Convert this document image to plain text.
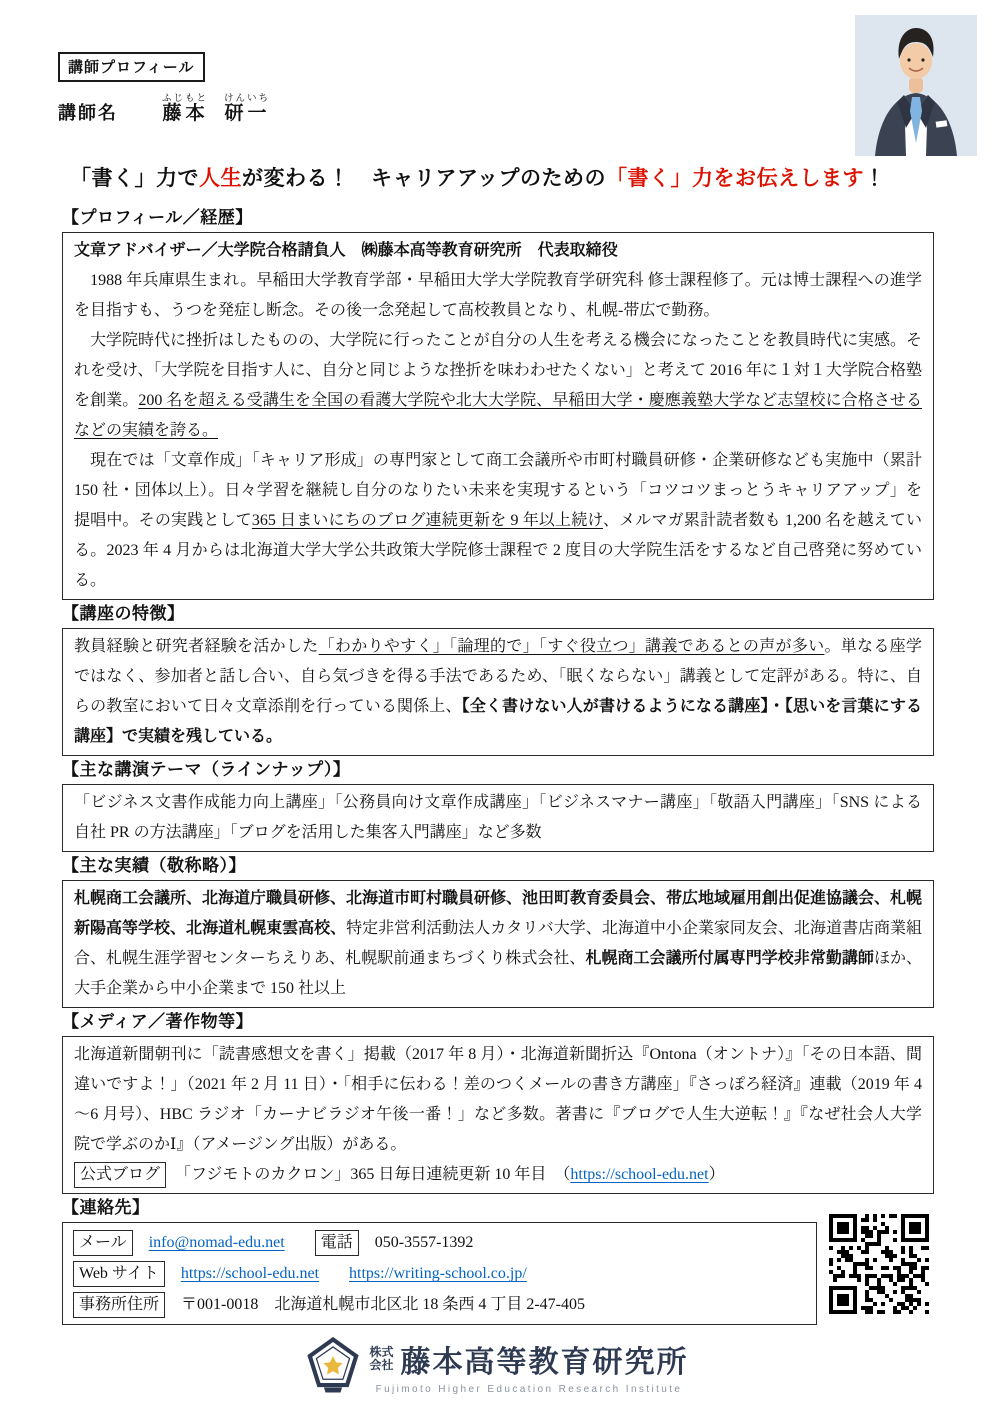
講師プロフィール
講師名 藤本ふじもと研一けんいち
「書く」力で人生が変わる！　キャリアアップのための「書く」力をお伝えします！
【プロフィール／経歴】

文章アドバイザー／大学院合格請負人　㈱藤本高等教育研究所　代表取締役

　1988 年兵庫県生まれ。早稲田大学教育学部・早稲田大学大学院教育学研究科 修士課程修了。元は博士課程への進学を目指すも、うつを発症し断念。その後一念発起して高校教員となり、札幌-帯広で勤務。

　大学院時代に挫折はしたものの、大学院に行ったことが自分の人生を考える機会になったことを教員時代に実感。それを受け、「大学院を目指す人に、自分と同じような挫折を味わわせたくない」と考えて 2016 年に１対１大学院合格塾を創業。200 名を超える受講生を全国の看護大学院や北大大学院、早稲田大学・慶應義塾大学など志望校に合格させるなどの実績を誇る。

　現在では「文章作成」「キャリア形成」の専門家として商工会議所や市町村職員研修・企業研修なども実施中（累計 150 社・団体以上）。日々学習を継続し自分のなりたい未来を実現するという「コツコツまっとうキャリアアップ」を提唱中。その実践として365 日まいにちのブログ連続更新を 9 年以上続け、メルマガ累計読者数も 1,200 名を越えている。2023 年 4 月からは北海道大学大学公共政策大学院修士課程で 2 度目の大学院生活をするなど自己啓発に努めている。

【講座の特徴】

教員経験と研究者経験を活かした「わかりやすく」「論理的で」「すぐ役立つ」講義であるとの声が多い。単なる座学ではなく、参加者と話し合い、自ら気づきを得る手法であるため、「眠くならない」講義として定評がある。特に、自らの教室において日々文章添削を行っている関係上、【全く書けない人が書けるようになる講座】・【思いを言葉にする講座】で実績を残している。

【主な講演テーマ（ラインナップ）】

「ビジネス文書作成能力向上講座」「公務員向け文章作成講座」「ビジネスマナー講座」「敬語入門講座」「SNS による自社 PR の方法講座」「ブログを活用した集客入門講座」など多数

【主な実績（敬称略）】

札幌商工会議所、北海道庁職員研修、北海道市町村職員研修、池田町教育委員会、帯広地域雇用創出促進協議会、札幌新陽高等学校、北海道札幌東雲高校、特定非営利活動法人カタリバ大学、北海道中小企業家同友会、北海道書店商業組合、札幌生涯学習センターちえりあ、札幌駅前通まちづくり株式会社、札幌商工会議所付属専門学校非常勤講師ほか、大手企業から中小企業まで 150 社以上

【メディア／著作物等】

北海道新聞朝刊に「読書感想文を書く」掲載（2017 年 8 月）・北海道新聞折込『Ontona（オントナ）』「その日本語、間違いですよ！」（2021 年 2 月 11 日）・「相手に伝わる！差のつくメールの書き方講座」『さっぽろ経済』連載（2019 年 4～6 月号）、HBC ラジオ「カーナビラジオ午後一番！」など多数。著書に『ブログで人生大逆転！』『なぜ社会人大学院で学ぶのかⅠ』（アメージング出版）がある。

公式ブログ 「フジモトのカクロン」365 日毎日連続更新 10 年目　（https://school-edu.net）

【連絡先】
メール info@nomad-edu.net 電話 050-3557-1392
Web サイト https://school-edu.net https://writing-school.co.jp/
事務所住所 〒001-0018　北海道札幌市北区北 18 条西 4 丁目 2-47-405
株式
会社 藤本高等教育研究所
Fujimoto Higher Education Research Institute
